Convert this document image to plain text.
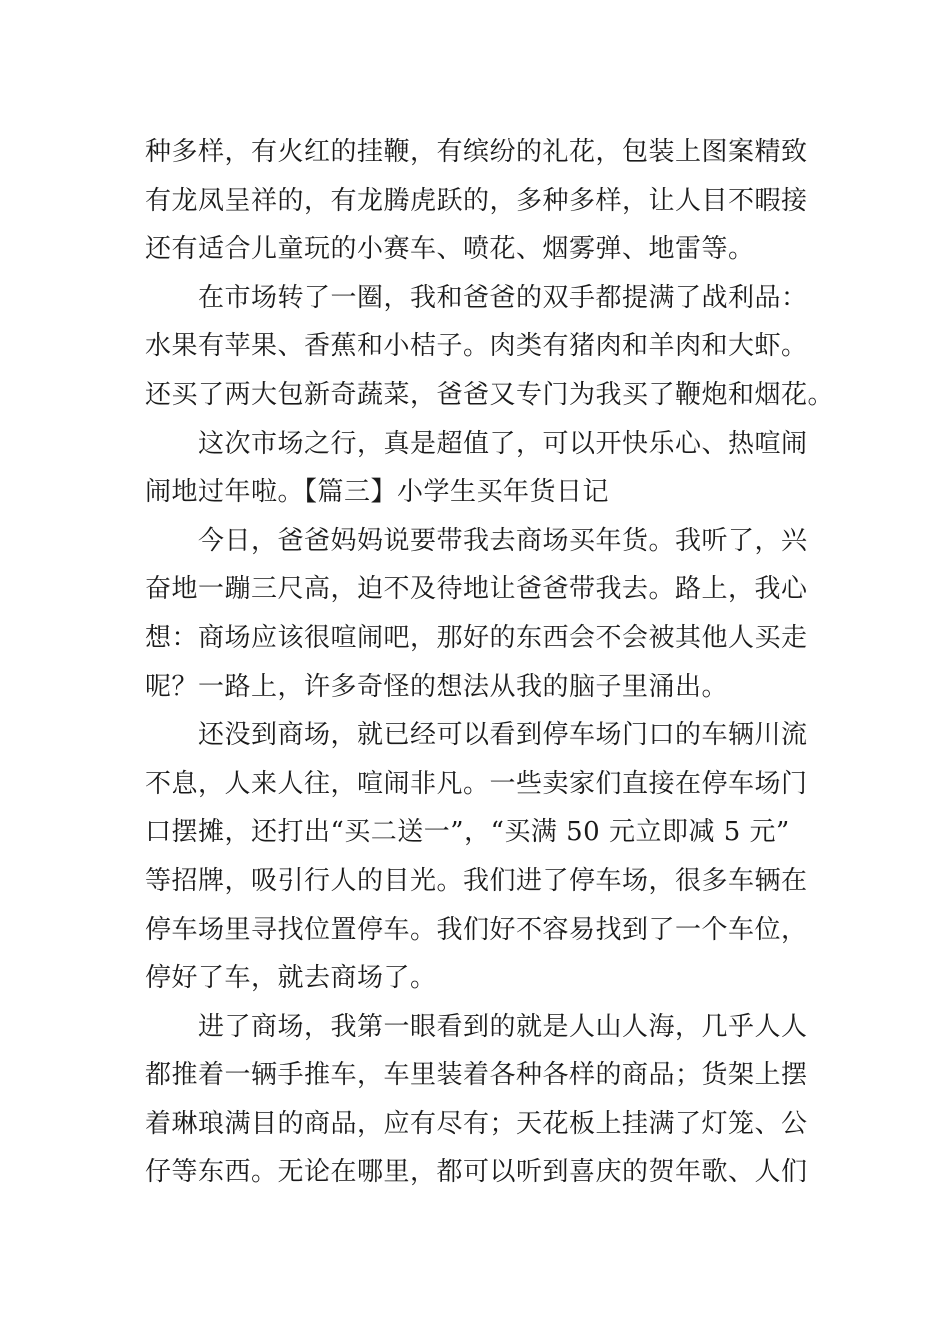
种多样，有火红的挂鞭，有缤纷的礼花，包装上图案精致
有龙凤呈祥的，有龙腾虎跃的，多种多样，让人目不暇接
还有适合儿童玩的小赛车、喷花、烟雾弹、地雷等。
　　在市场转了一圈，我和爸爸的双手都提满了战利品：
水果有苹果、香蕉和小桔子。肉类有猪肉和羊肉和大虾。
还买了两大包新奇蔬菜，爸爸又专门为我买了鞭炮和烟花。
　　这次市场之行，真是超值了，可以开快乐心、热喧闹
闹地过年啦。【篇三】小学生买年货日记
　　今日，爸爸妈妈说要带我去商场买年货。我听了，兴
奋地一蹦三尺高，迫不及待地让爸爸带我去。路上，我心
想：商场应该很喧闹吧，那好的东西会不会被其他人买走
呢？一路上，许多奇怪的想法从我的脑子里涌出。
　　还没到商场，就已经可以看到停车场门口的车辆川流
不息，人来人往，喧闹非凡。一些卖家们直接在停车场门
口摆摊，还打出“买二送一”，“买满 50 元立即减 5 元”
等招牌，吸引行人的目光。我们进了停车场，很多车辆在
停车场里寻找位置停车。我们好不容易找到了一个车位，
停好了车，就去商场了。
　　进了商场，我第一眼看到的就是人山人海，几乎人人
都推着一辆手推车，车里装着各种各样的商品；货架上摆
着琳琅满目的商品，应有尽有；天花板上挂满了灯笼、公
仔等东西。无论在哪里，都可以听到喜庆的贺年歌、人们
